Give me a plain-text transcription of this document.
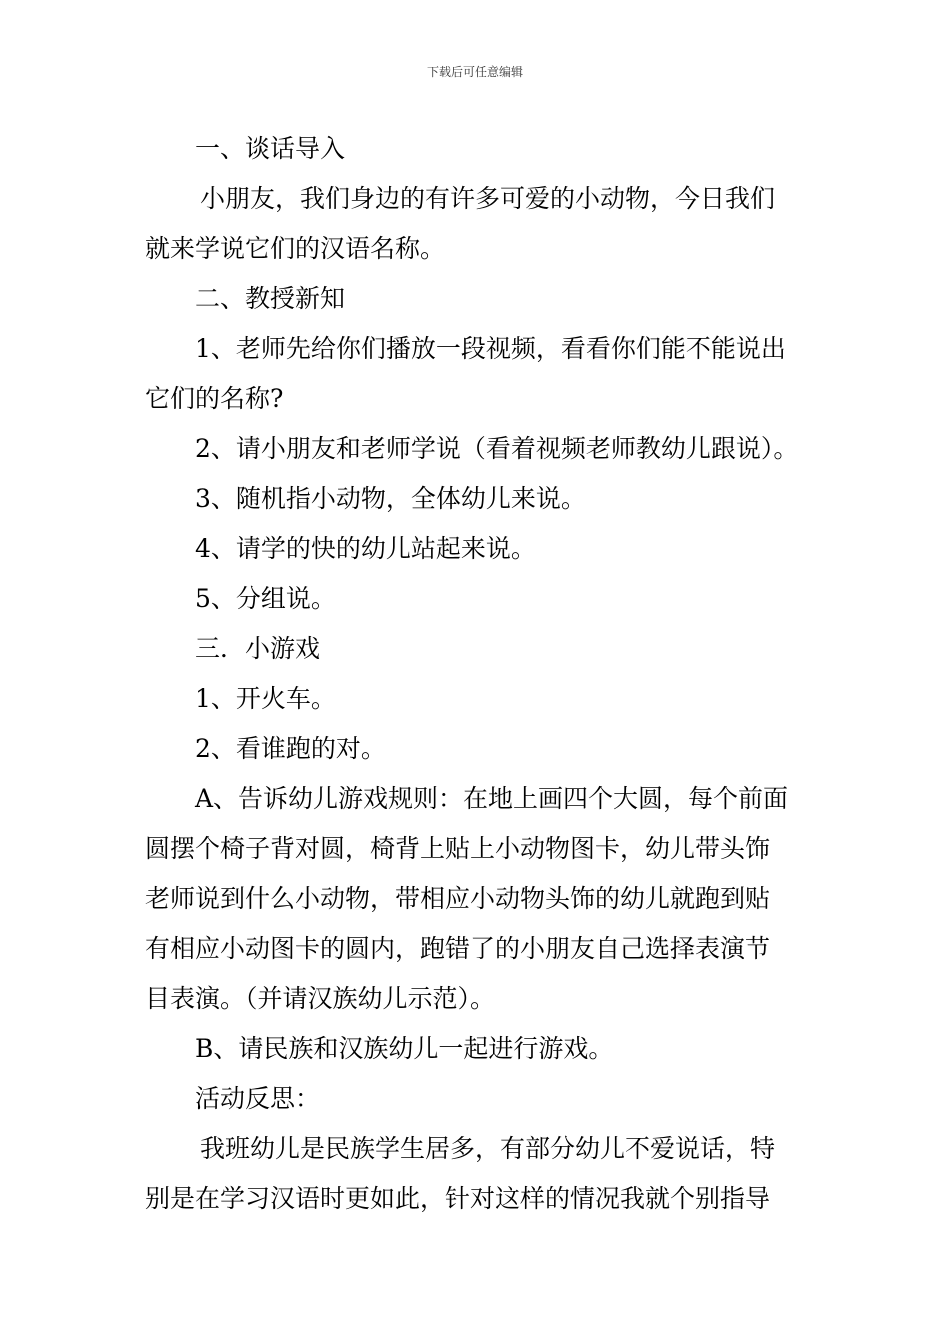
下载后可任意编辑
一、谈话导入
小朋友，我们身边的有许多可爱的小动物，今日我们
就来学说它们的汉语名称。
二、教授新知
1、老师先给你们播放一段视频，看看你们能不能说出
它们的名称?
2、请小朋友和老师学说（看着视频老师教幼儿跟说）。
3、随机指小动物，全体幼儿来说。
4、请学的快的幼儿站起来说。
5、分组说。
三．小游戏
1、开火车。
2、看谁跑的对。
A、告诉幼儿游戏规则：在地上画四个大圆，每个前面
圆摆个椅子背对圆，椅背上贴上小动物图卡，幼儿带头饰
老师说到什么小动物，带相应小动物头饰的幼儿就跑到贴
有相应小动图卡的圆内，跑错了的小朋友自己选择表演节
目表演。（并请汉族幼儿示范）。
B、请民族和汉族幼儿一起进行游戏。
活动反思：
我班幼儿是民族学生居多，有部分幼儿不爱说话，特
别是在学习汉语时更如此，针对这样的情况我就个别指导
